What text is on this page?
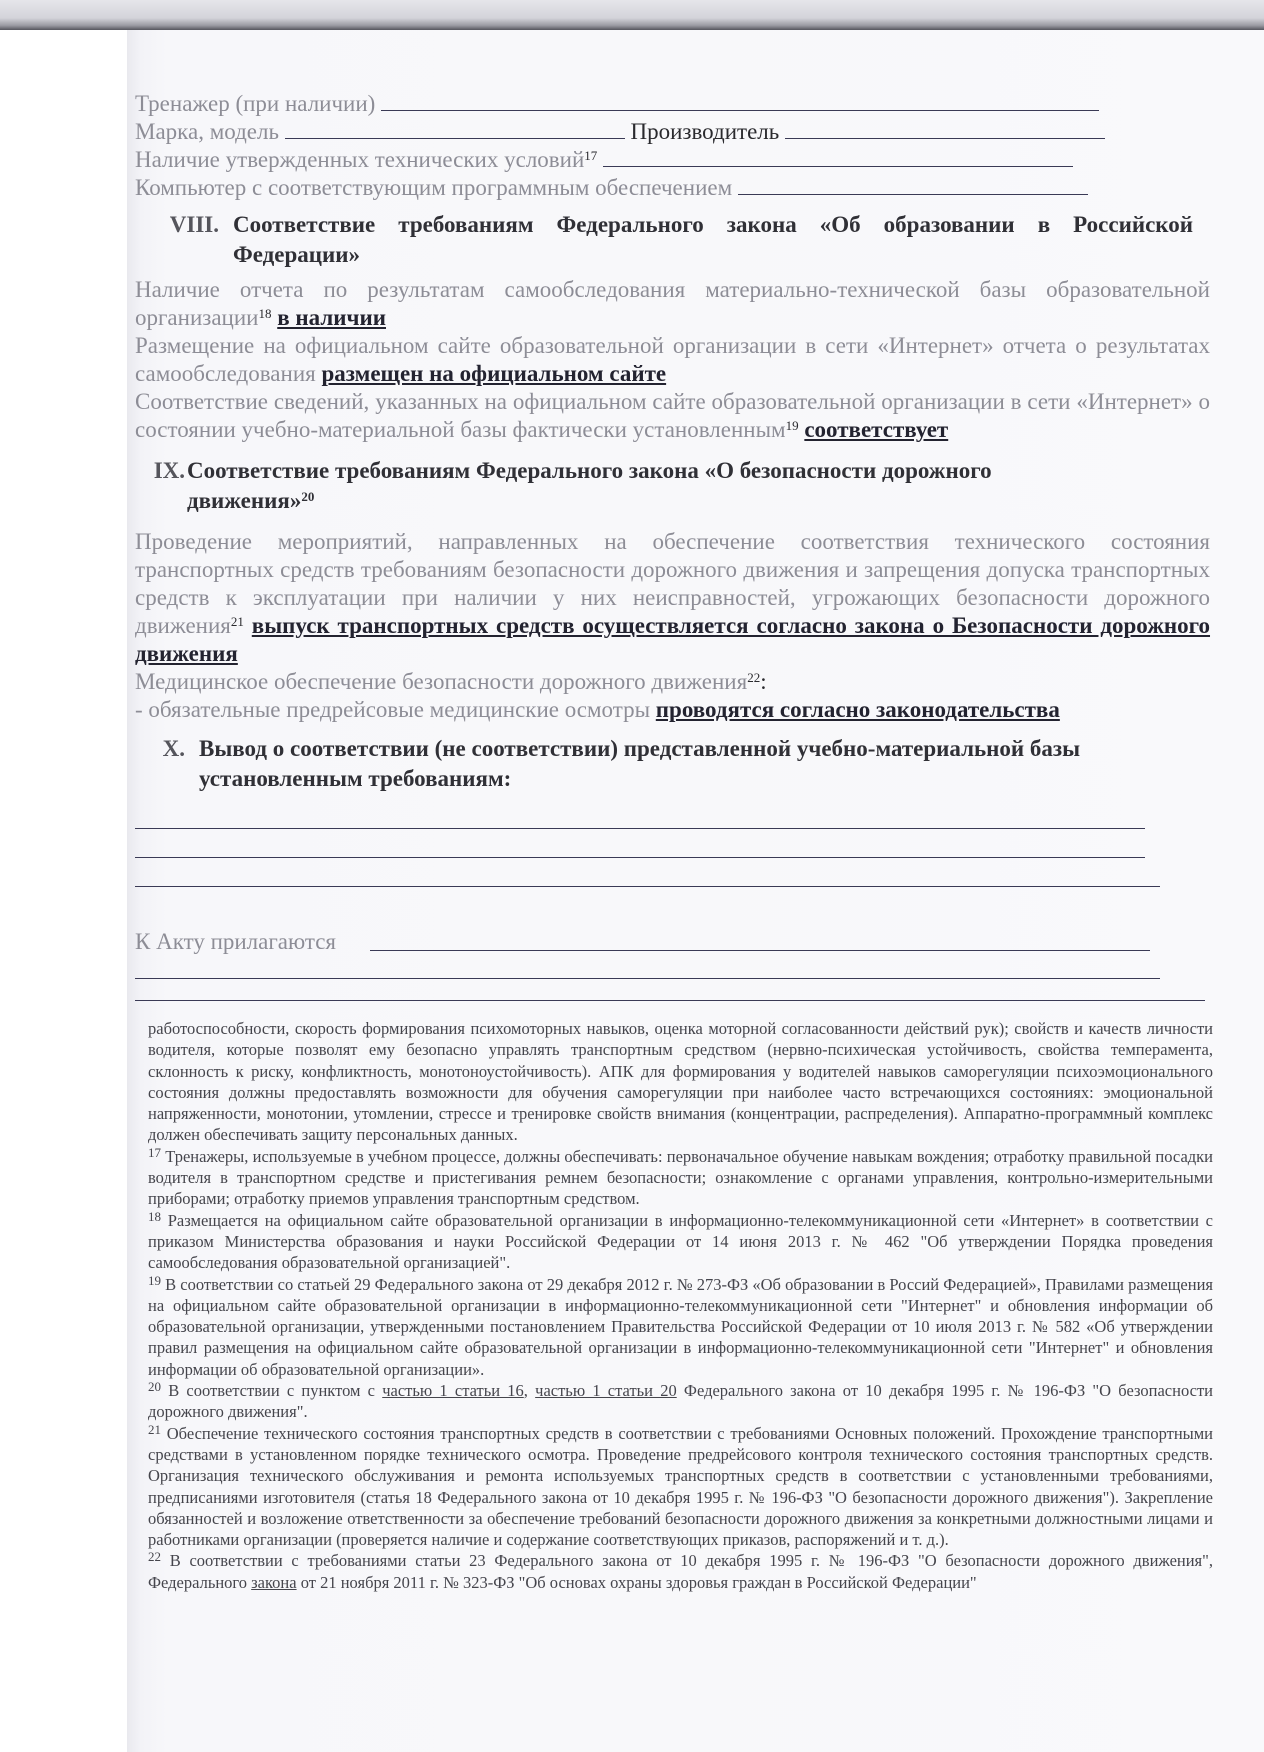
Тренажер (при наличии)
Марка, модель	Производитель
Наличие утвержденных технических условий$^{17}$
Компьютер с соответствующим программным обеспечением
VIII. Соответствие требованиям Федерального закона «Об образовании в Российской Федерации»
Наличие отчета по результатам самообследования материально-технической базы образовательной организации$^{18}$ в наличии
Размещение на официальном сайте образовательной организации в сети «Интернет» отчета о результатах самообследования размещен на официальном сайте
Соответствие сведений, указанных на официальном сайте образовательной организации в сети «Интернет» о состоянии учебно-материальной базы фактически установленным$^{19}$ соответствует
IX. Соответствие требованиям Федерального закона «О безопасности дорожного движения»$^{20}$
Проведение мероприятий, направленных на обеспечение соответствия технического состояния транспортных средств требованиям безопасности дорожного движения и запрещения допуска транспортных средств к эксплуатации при наличии у них неисправностей, угрожающих безопасности дорожного движения$^{21}$ выпуск транспортных средств осуществляется согласно закона о Безопасности дорожного движения
Медицинское обеспечение безопасности дорожного движения$^{22}$:
- обязательные предрейсовые медицинские осмотры проводятся согласно законодательства
X. Вывод о соответствии (не соответствии) представленной учебно-материальной базы установленным требованиям:
К Акту прилагаются

работоспособности, скорость формирования психомоторных навыков, оценка моторной согласованности действий рук); свойств и качеств личности водителя, которые позволят ему безопасно управлять транспортным средством (нервно-психическая устойчивость, свойства темперамента, склонность к риску, конфликтность, монотоноустойчивость). АПК для формирования у водителей навыков саморегуляции психоэмоционального состояния должны предоставлять возможности для обучения саморегуляции при наиболее часто встречающихся состояниях: эмоциональной напряженности, монотонии, утомлении, стрессе и тренировке свойств внимания (концентрации, распределения). Аппаратно-программный комплекс должен обеспечивать защиту персональных данных.

$^{17}$ Тренажеры, используемые в учебном процессе, должны обеспечивать: первоначальное обучение навыкам вождения; отработку правильной посадки водителя в транспортном средстве и пристегивания ремнем безопасности; ознакомление с органами управления, контрольно-измерительными приборами; отработку приемов управления транспортным средством.

$^{18}$ Размещается на официальном сайте образовательной организации в информационно-телекоммуникационной сети «Интернет» в соответствии с приказом Министерства образования и науки Российской Федерации от 14 июня 2013 г. № 462 "Об утверждении Порядка проведения самообследования образовательной организацией".

$^{19}$ В соответствии со статьей 29 Федерального закона от 29 декабря 2012 г. № 273-ФЗ «Об образовании в Россий Федерацией», Правилами размещения на официальном сайте образовательной организации в информационно-телекоммуникационной сети "Интернет" и обновления информации об образовательной организации, утвержденными постановлением Правительства Российской Федерации от 10 июля 2013 г. № 582 «Об утверждении правил размещения на официальном сайте образовательной организации в информационно-телекоммуникационной сети "Интернет" и обновления информации об образовательной организации».

$^{20}$ В соответствии с пунктом с частью 1 статьи 16, частью 1 статьи 20 Федерального закона от 10 декабря 1995 г. № 196-ФЗ "О безопасности дорожного движения".

$^{21}$ Обеспечение технического состояния транспортных средств в соответствии с требованиями Основных положений. Прохождение транспортными средствами в установленном порядке технического осмотра. Проведение предрейсового контроля технического состояния транспортных средств. Организация технического обслуживания и ремонта используемых транспортных средств в соответствии с установленными требованиями, предписаниями изготовителя (статья 18 Федерального закона от 10 декабря 1995 г. № 196-ФЗ "О безопасности дорожного движения"). Закрепление обязанностей и возложение ответственности за обеспечение требований безопасности дорожного движения за конкретными должностными лицами и работниками организации (проверяется наличие и содержание соответствующих приказов, распоряжений и т. д.).

$^{22}$ В соответствии с требованиями статьи 23 Федерального закона от 10 декабря 1995 г. № 196-ФЗ "О безопасности дорожного движения", Федерального закона от 21 ноября 2011 г. № 323-ФЗ "Об основах охраны здоровья граждан в Российской Федерации"
